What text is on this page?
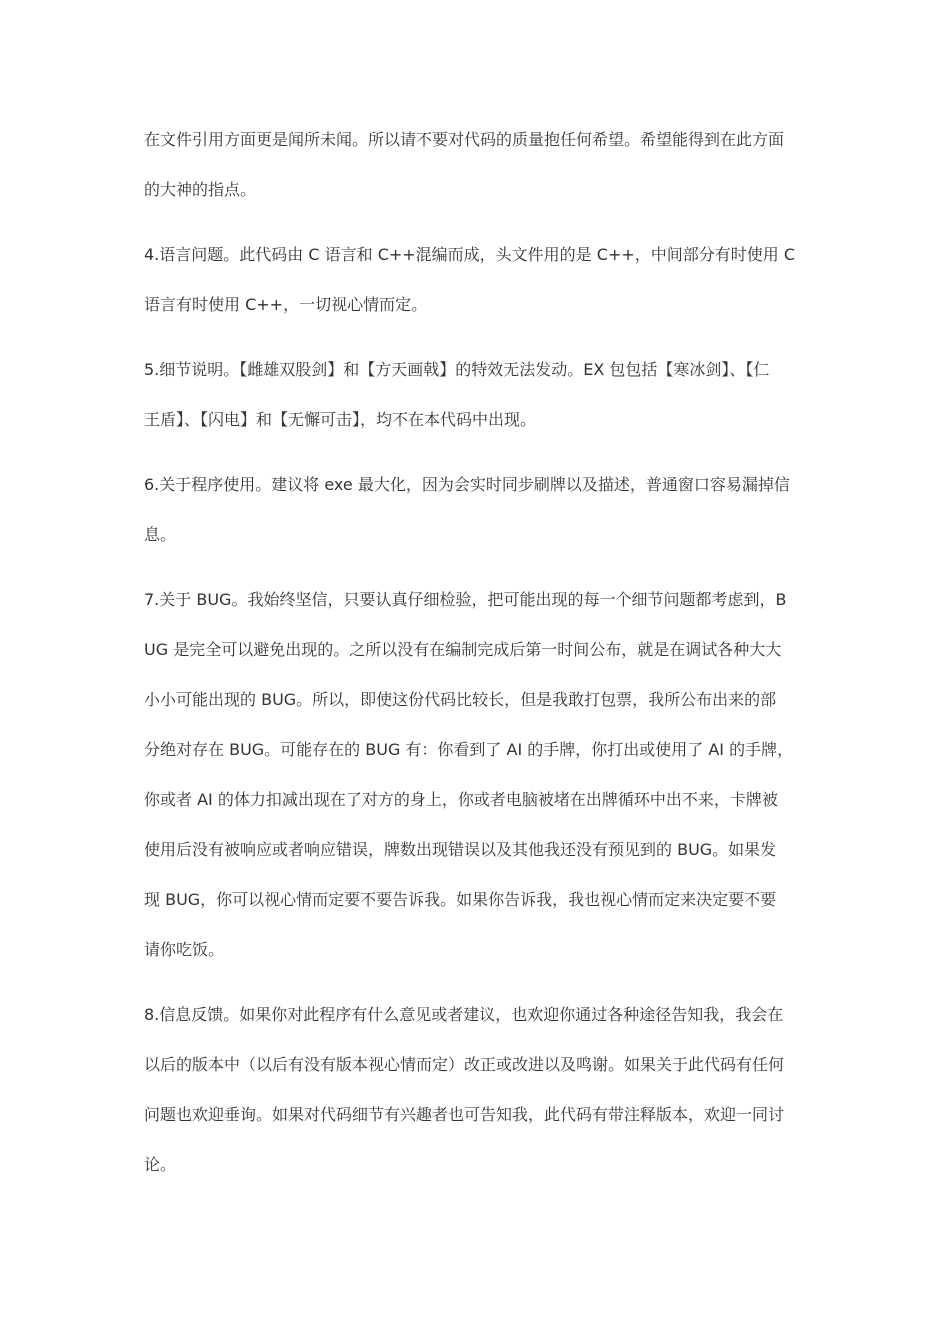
在文件引用方面更是闻所未闻。所以请不要对代码的质量抱任何希望。希望能得到在此方面
的大神的指点。

4.语言问题。此代码由 C 语言和 C++混编而成，头文件用的是 C++，中间部分有时使用 C
语言有时使用 C++，一切视心情而定。

5.细节说明。【雌雄双股剑】和【方天画戟】的特效无法发动。EX 包包括【寒冰剑】、【仁
王盾】、【闪电】和【无懈可击】，均不在本代码中出现。

6.关于程序使用。建议将 exe 最大化，因为会实时同步刷牌以及描述，普通窗口容易漏掉信
息。

7.关于 BUG。我始终坚信，只要认真仔细检验，把可能出现的每一个细节问题都考虑到，B
UG 是完全可以避免出现的。之所以没有在编制完成后第一时间公布，就是在调试各种大大
小小可能出现的 BUG。所以，即使这份代码比较长，但是我敢打包票，我所公布出来的部
分绝对存在 BUG。可能存在的 BUG 有：你看到了 AI 的手牌，你打出或使用了 AI 的手牌，
你或者 AI 的体力扣减出现在了对方的身上，你或者电脑被堵在出牌循环中出不来，卡牌被
使用后没有被响应或者响应错误，牌数出现错误以及其他我还没有预见到的 BUG。如果发
现 BUG，你可以视心情而定要不要告诉我。如果你告诉我，我也视心情而定来决定要不要
请你吃饭。

8.信息反馈。如果你对此程序有什么意见或者建议，也欢迎你通过各种途径告知我，我会在
以后的版本中（以后有没有版本视心情而定）改正或改进以及鸣谢。如果关于此代码有任何
问题也欢迎垂询。如果对代码细节有兴趣者也可告知我，此代码有带注释版本，欢迎一同讨
论。
